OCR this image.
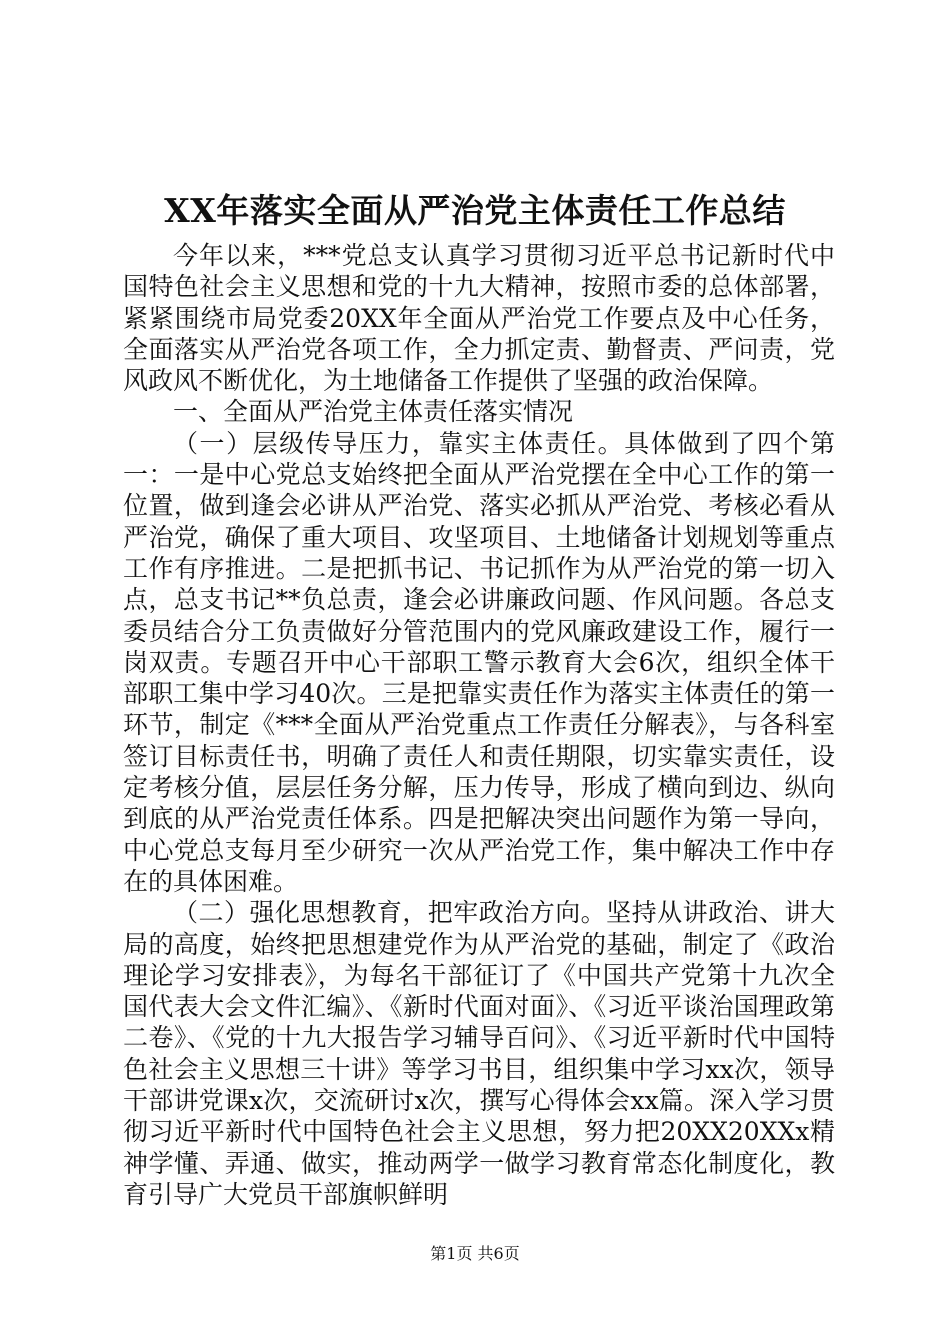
XX年落实全面从严治党主体责任工作总结

今年以来，***党总支认真学习贯彻习近平总书记新时代中国特色社会主义思想和党的十九大精神，按照市委的总体部署，紧紧围绕市局党委20XX年全面从严治党工作要点及中心任务，全面落实从严治党各项工作，全力抓定责、勤督责、严问责，党风政风不断优化，为土地储备工作提供了坚强的政治保障。

一、全面从严治党主体责任落实情况

（一）层级传导压力，靠实主体责任。具体做到了四个第一：一是中心党总支始终把全面从严治党摆在全中心工作的第一位置，做到逢会必讲从严治党、落实必抓从严治党、考核必看从严治党，确保了重大项目、攻坚项目、土地储备计划规划等重点工作有序推进。二是把抓书记、书记抓作为从严治党的第一切入点，总支书记**负总责，逢会必讲廉政问题、作风问题。各总支委员结合分工负责做好分管范围内的党风廉政建设工作，履行一岗双责。专题召开中心干部职工警示教育大会6次，组织全体干部职工集中学习40次。三是把靠实责任作为落实主体责任的第一环节，制定《***全面从严治党重点工作责任分解表》，与各科室签订目标责任书，明确了责任人和责任期限，切实靠实责任，设定考核分值，层层任务分解，压力传导，形成了横向到边、纵向到底的从严治党责任体系。四是把解决突出问题作为第一导向，中心党总支每月至少研究一次从严治党工作，集中解决工作中存在的具体困难。

（二）强化思想教育，把牢政治方向。坚持从讲政治、讲大局的高度，始终把思想建党作为从严治党的基础，制定了《政治理论学习安排表》，为每名干部征订了《中国共产党第十九次全国代表大会文件汇编》、《新时代面对面》、《习近平谈治国理政第二卷》、《党的十九大报告学习辅导百问》、《习近平新时代中国特色社会主义思想三十讲》等学习书目，组织集中学习xx次，领导干部讲党课x次，交流研讨x次，撰写心得体会xx篇。深入学习贯彻习近平新时代中国特色社会主义思想，努力把20XX20XXx精神学懂、弄通、做实，推动两学一做学习教育常态化制度化，教育引导广大党员干部旗帜鲜明

第1页 共6页
